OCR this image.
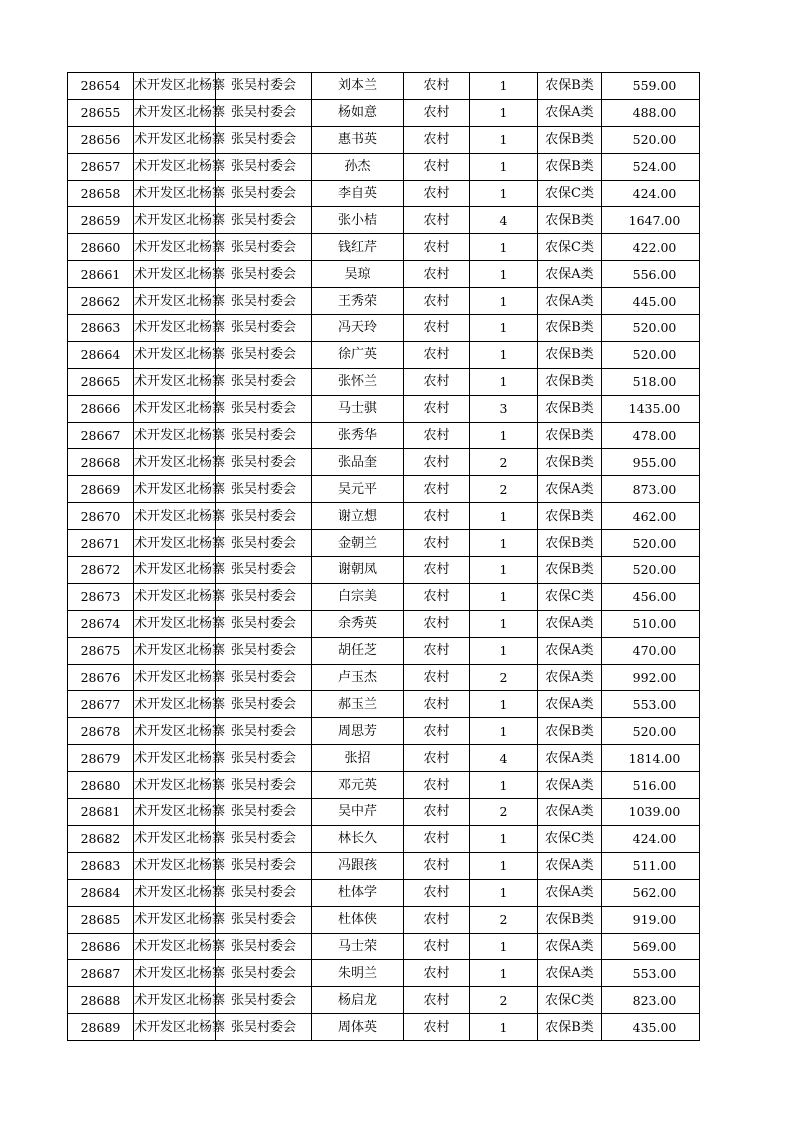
28654	术开发区北杨寨	张吴村委会	刘本兰	农村	1	农保B类	559.00
28655	术开发区北杨寨	张吴村委会	杨如意	农村	1	农保A类	488.00
28656	术开发区北杨寨	张吴村委会	惠书英	农村	1	农保B类	520.00
28657	术开发区北杨寨	张吴村委会	孙杰	农村	1	农保B类	524.00
28658	术开发区北杨寨	张吴村委会	李自英	农村	1	农保C类	424.00
28659	术开发区北杨寨	张吴村委会	张小桔	农村	4	农保B类	1647.00
28660	术开发区北杨寨	张吴村委会	钱红芹	农村	1	农保C类	422.00
28661	术开发区北杨寨	张吴村委会	吴琼	农村	1	农保A类	556.00
28662	术开发区北杨寨	张吴村委会	王秀荣	农村	1	农保A类	445.00
28663	术开发区北杨寨	张吴村委会	冯天玲	农村	1	农保B类	520.00
28664	术开发区北杨寨	张吴村委会	徐广英	农村	1	农保B类	520.00
28665	术开发区北杨寨	张吴村委会	张怀兰	农村	1	农保B类	518.00
28666	术开发区北杨寨	张吴村委会	马士骐	农村	3	农保B类	1435.00
28667	术开发区北杨寨	张吴村委会	张秀华	农村	1	农保B类	478.00
28668	术开发区北杨寨	张吴村委会	张品奎	农村	2	农保B类	955.00
28669	术开发区北杨寨	张吴村委会	吴元平	农村	2	农保A类	873.00
28670	术开发区北杨寨	张吴村委会	谢立想	农村	1	农保B类	462.00
28671	术开发区北杨寨	张吴村委会	金朝兰	农村	1	农保B类	520.00
28672	术开发区北杨寨	张吴村委会	谢朝凤	农村	1	农保B类	520.00
28673	术开发区北杨寨	张吴村委会	白宗美	农村	1	农保C类	456.00
28674	术开发区北杨寨	张吴村委会	余秀英	农村	1	农保A类	510.00
28675	术开发区北杨寨	张吴村委会	胡任芝	农村	1	农保A类	470.00
28676	术开发区北杨寨	张吴村委会	卢玉杰	农村	2	农保A类	992.00
28677	术开发区北杨寨	张吴村委会	郝玉兰	农村	1	农保A类	553.00
28678	术开发区北杨寨	张吴村委会	周思芳	农村	1	农保B类	520.00
28679	术开发区北杨寨	张吴村委会	张招	农村	4	农保A类	1814.00
28680	术开发区北杨寨	张吴村委会	邓元英	农村	1	农保A类	516.00
28681	术开发区北杨寨	张吴村委会	吴中芹	农村	2	农保A类	1039.00
28682	术开发区北杨寨	张吴村委会	林长久	农村	1	农保C类	424.00
28683	术开发区北杨寨	张吴村委会	冯跟孩	农村	1	农保A类	511.00
28684	术开发区北杨寨	张吴村委会	杜体学	农村	1	农保A类	562.00
28685	术开发区北杨寨	张吴村委会	杜体侠	农村	2	农保B类	919.00
28686	术开发区北杨寨	张吴村委会	马士荣	农村	1	农保A类	569.00
28687	术开发区北杨寨	张吴村委会	朱明兰	农村	1	农保A类	553.00
28688	术开发区北杨寨	张吴村委会	杨启龙	农村	2	农保C类	823.00
28689	术开发区北杨寨	张吴村委会	周体英	农村	1	农保B类	435.00
